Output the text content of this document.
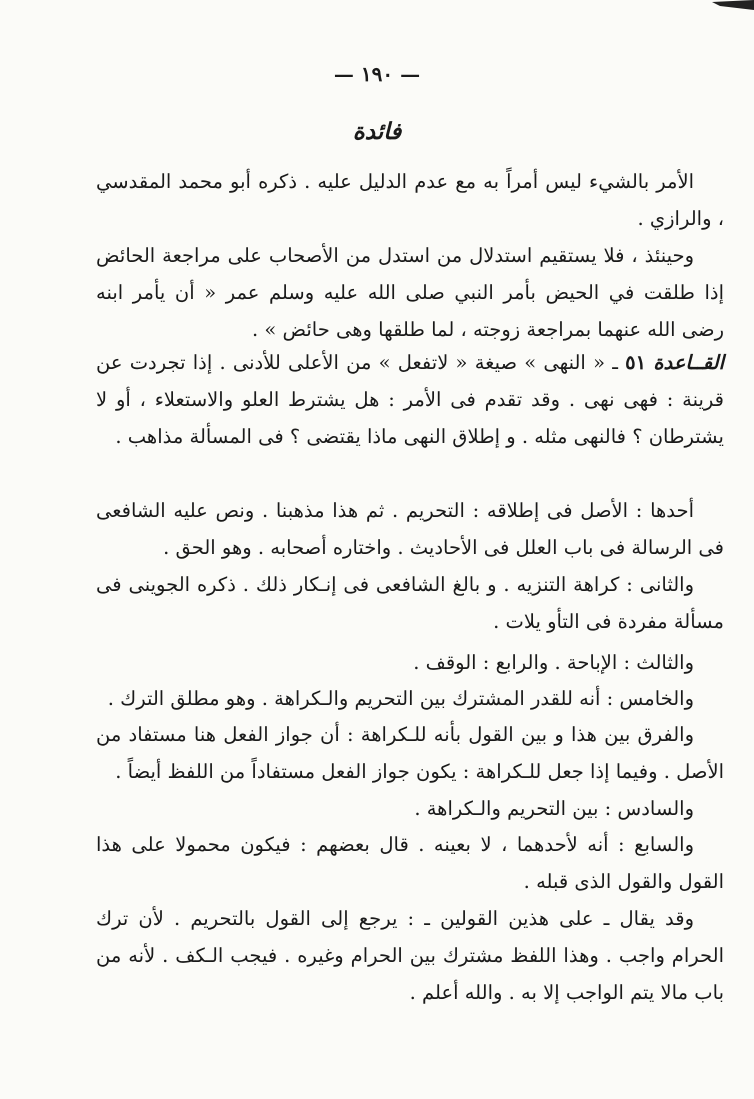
— ١٩٠ —
فائدة

الأمر بالشيء ليس أمراً به مع عدم الدليل عليه . ذكره أبو محمد المقدسي ، والرازي .

وحينئذ ، فلا يستقيم استدلال من استدل من الأصحاب على مراجعة الحائض إذا طلقت في الحيض بأمر النبي صلى الله عليه وسلم عمر « أن يأمر ابنه رضى الله عنهما بمراجعة زوجته ، لما طلقها وهى حائض » .

القــاعدة ٥١ ـ « النهى » صيغة « لاتفعل » من الأعلى للأدنى . إذا تجردت عن قرينة : فهى نهى . وقد تقدم فى الأمر : هل يشترط العلو والاستعلاء ، أو لا يشترطان ؟ فالنهى مثله . و إطلاق النهى ماذا يقتضى ؟ فى المسألة مذاهب .

أحدها : الأصل فى إطلاقه : التحريم . ثم هذا مذهبنا . ونص عليه الشافعى فى الرسالة فى باب العلل فى الأحاديث . واختاره أصحابه . وهو الحق .

والثانى : كراهة التنزيه . و بالغ الشافعى فى إنـكار ذلك . ذكره الجوينى فى مسألة مفردة فى التأو يلات .

والثالث : الإباحة . والرابع : الوقف .

والخامس : أنه للقدر المشترك بين التحريم والـكراهة . وهو مطلق الترك .

والفرق بين هذا و بين القول بأنه للـكراهة : أن جواز الفعل هنا مستفاد من الأصل . وفيما إذا جعل للـكراهة : يكون جواز الفعل مستفاداً من اللفظ أيضاً .

والسادس : بين التحريم والـكراهة .

والسابع : أنه لأحدهما ، لا بعينه . قال بعضهم : فيكون محمولا على هذا القول والقول الذى قبله .

وقد يقال ـ على هذين القولين ـ : يرجع إلى القول بالتحريم . لأن ترك الحرام واجب . وهذا اللفظ مشترك بين الحرام وغيره . فيجب الـكف . لأنه من باب مالا يتم الواجب إلا به . والله أعلم .
